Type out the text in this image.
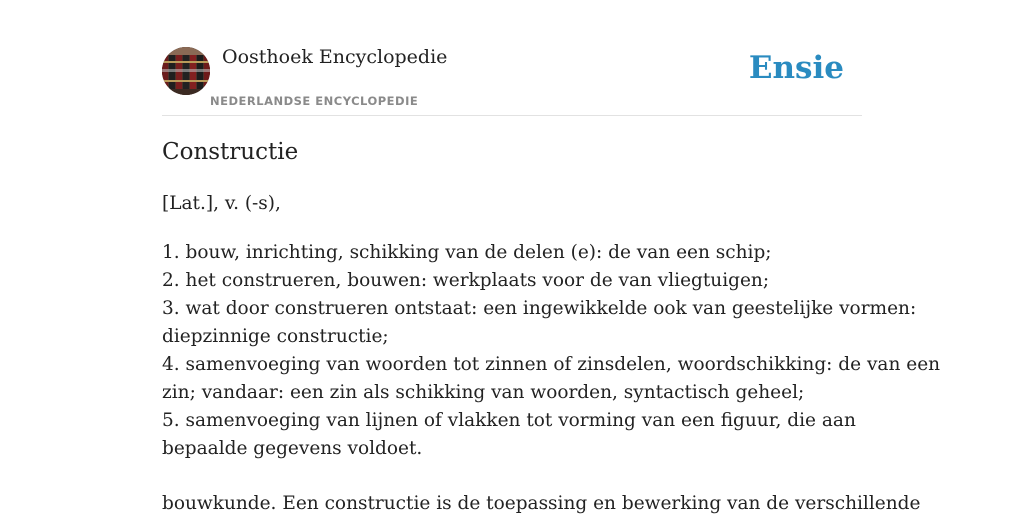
Oosthoek Encyclopedie
NEDERLANDSE ENCYCLOPEDIE
Ensie
Constructie
[Lat.], v. (-s),
1. bouw, inrichting, schikking van de delen (e): de van een schip;
2. het construeren, bouwen: werkplaats voor de van vliegtuigen;
3. wat door construeren ontstaat: een ingewikkelde ook van geestelijke vormen:
diepzinnige constructie;
4. samenvoeging van woorden tot zinnen of zinsdelen, woordschikking: de van een
zin; vandaar: een zin als schikking van woorden, syntactisch geheel;
5. samenvoeging van lijnen of vlakken tot vorming van een figuur, die aan
bepaalde gegevens voldoet.
bouwkunde. Een constructie is de toepassing en bewerking van de verschillende
